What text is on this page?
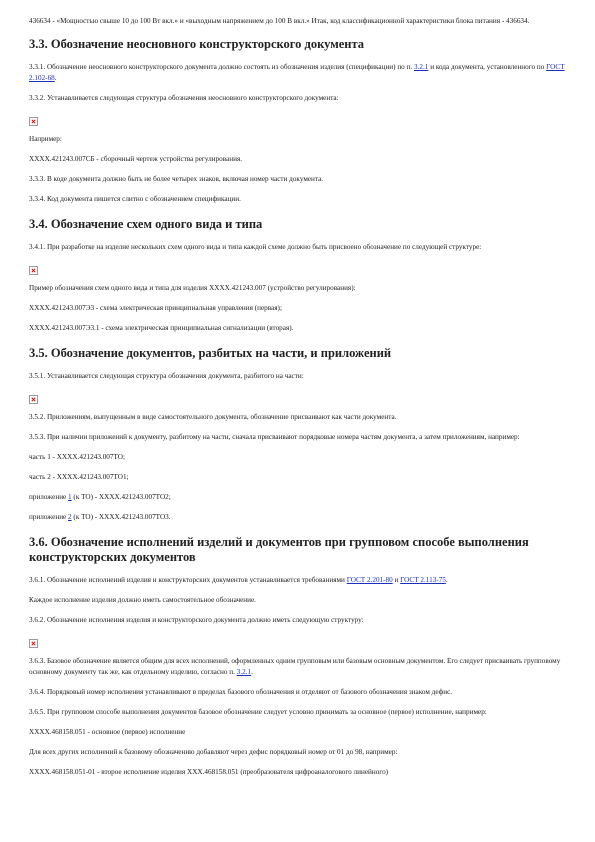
436634 - «Мощностью свыше 10 до 100 Вт вкл.» и «выходным напряжением до 100 В вкл.» Итак, код классификационной характеристики блока питания - 436634.

3.3. Обозначение неосновного конструкторского документа

3.3.1. Обозначение неосновного конструкторского документа должно состоять из обозначения изделия (спецификации) по п. 3.2.1 и кода документа, установленного по ГОСТ 2.102-68.

3.3.2. Устанавливается следующая структура обозначения неосновного конструкторского документа:

Например:

ХХХХ.421243.007СБ - сборочный чертеж устройства регулирования.

3.3.3. В коде документа должно быть не более четырех знаков, включая номер части документа.

3.3.4. Код документа пишется слитно с обозначением спецификации.

3.4. Обозначение схем одного вида и типа

3.4.1. При разработке на изделие нескольких схем одного вида и типа каждой схеме должно быть присвоено обозначение по следующей структуре:

Пример обозначения схем одного вида и типа для изделия ХХХХ.421243.007 (устройство регулирования):

ХХХХ.421243.007Э3 - схема электрическая принципиальная управления (первая);

ХХХХ.421243.007Э3.1 - схема электрическая принципиальная сигнализации (вторая).

3.5. Обозначение документов, разбитых на части, и приложений

3.5.1. Устанавливается следующая структура обозначения документа, разбитого на части:

3.5.2. Приложениям, выпущенным в виде самостоятельного документа, обозначение присваивают как части документа.

3.5.3. При наличии приложений к документу, разбитому на части, сначала присваивают порядковые номера частям документа, а затем приложениям, например:

часть 1 - ХХХХ.421243.007ТО;

часть 2 - ХХХХ.421243.007ТО1;

приложение 1 (к ТО) - ХХХХ.421243.007ТО2;

приложение 2 (к ТО) - ХХХХ.421243.007ТО3.

3.6. Обозначение исполнений изделий и документов при групповом способе выполнения конструкторских документов

3.6.1. Обозначение исполнений изделия и конструкторских документов устанавливается требованиями ГОСТ 2.201-80 и ГОСТ 2.113-75.

Каждое исполнение изделия должно иметь самостоятельное обозначение.

3.6.2. Обозначение исполнения изделия и конструкторского документа должно иметь следующую структуру:

3.6.3. Базовое обозначение является общим для всех исполнений, оформленных одним групповым или базовым основным документом. Его следует присваивать групповому основному документу так же, как отдельному изделию, согласно п. 3.2.1.

3.6.4. Порядковый номер исполнения устанавливают в пределах базового обозначения и отделяют от базового обозначения знаком дефис.

3.6.5. При групповом способе выполнения документов базовое обозначение следует условно принимать за основное (первое) исполнение, например:

ХХХХ.468158.051 - основное (первое) исполнение

Для всех других исполнений к базовому обозначению добавляют через дефис порядковый номер от 01 до 98, например:

ХХХХ.468158.051-01 - второе исполнение изделия ХХХ.468158.051 (преобразователя цифроаналогового линейного)
